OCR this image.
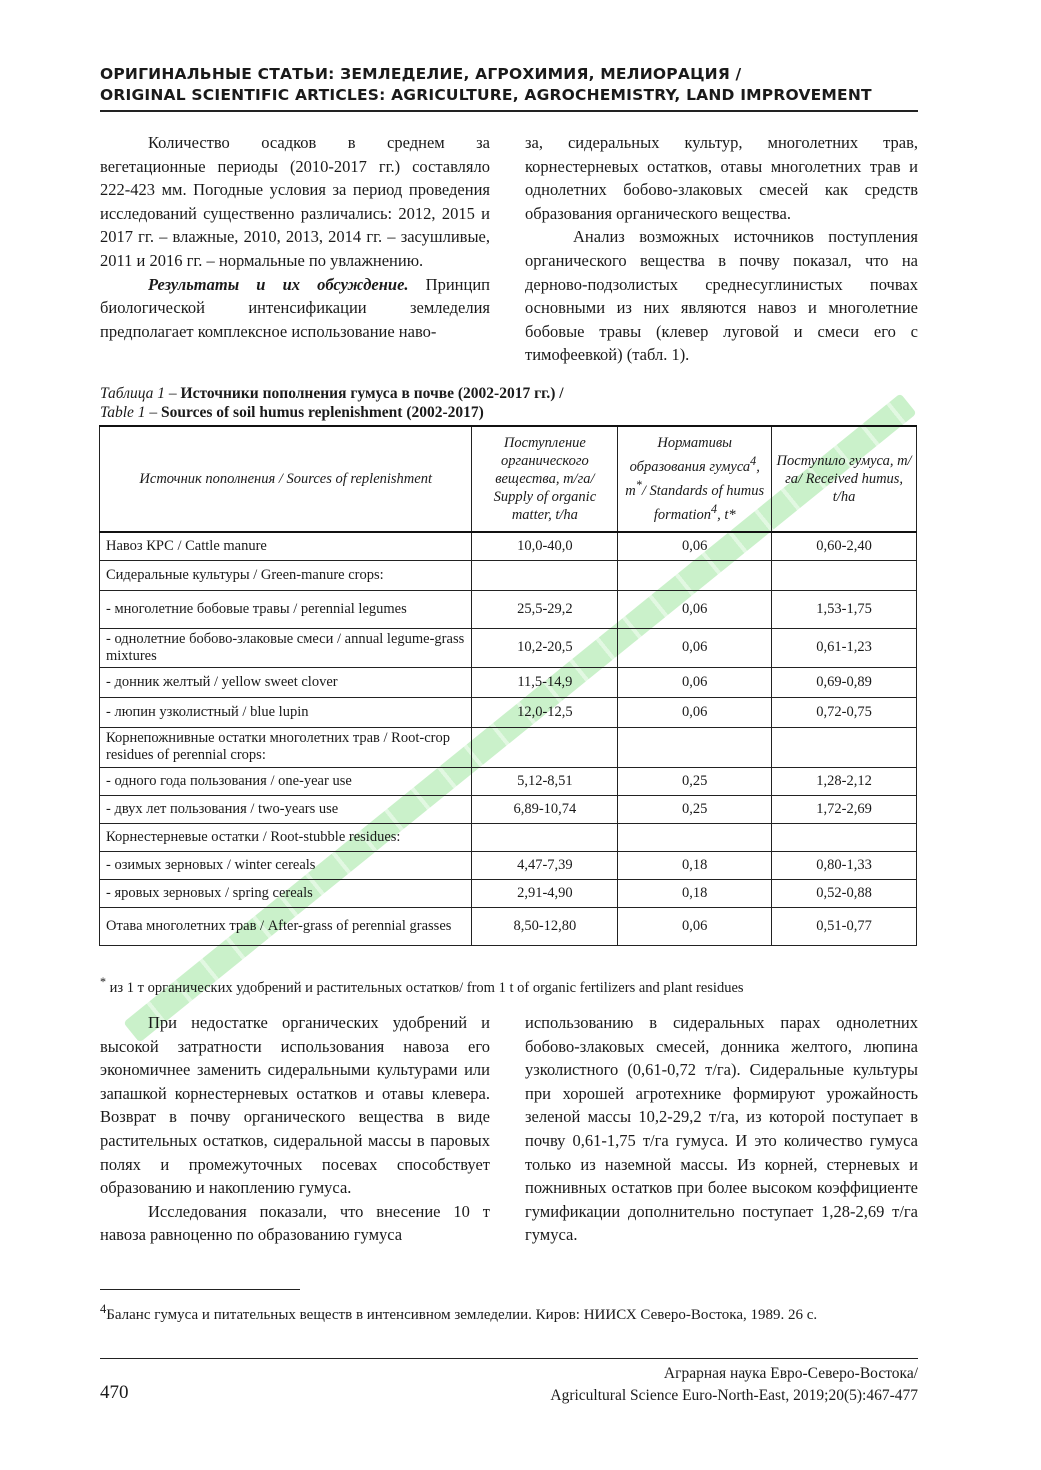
ОРИГИНАЛЬНЫЕ СТАТЬИ: ЗЕМЛЕДЕЛИЕ, АГРОХИМИЯ, МЕЛИОРАЦИЯ /
ORIGINAL SCIENTIFIC ARTICLES: AGRICULTURE, AGROCHEMISTRY, LAND IMPROVEMENT

Количество осадков в среднем за вегетационные периоды (2010-2017 гг.) составляло 222-423 мм. Погодные условия за период проведения исследований существенно различались: 2012, 2015 и 2017 гг. – влажные, 2010, 2013, 2014 гг. – засушливые, 2011 и 2016 гг. – нормальные по увлажнению.

Результаты и их обсуждение. Принцип биологической интенсификации земледелия предполагает комплексное использование наво-

за, сидеральных культур, многолетних трав, корнестерневых остатков, отавы многолетних трав и однолетних бобово-злаковых смесей как средств образования органического вещества.

Анализ возможных источников поступления органического вещества в почву показал, что на дерново-подзолистых среднесуглинистых почвах основными из них являются навоз и многолетние бобовые травы (клевер луговой и смеси его с тимофеевкой) (табл. 1).

Таблица 1 – Источники пополнения гумуса в почве (2002-2017 гг.) /
Table 1 – Sources of soil humus replenishment (2002-2017)
Источник пополнения / Sources of replenishment	Поступление органического вещества, т/га/ Supply of organic matter, t/ha	Нормативы образования гумуса$^4$, т*/ Standards of humus formation$^4$, t*	Поступило гумуса, т/га/ Received humus, t/ha
Навоз КРС / Cattle manure	10,0-40,0	0,06	0,60-2,40
Сидеральные культуры / Green-manure crops:			
- многолетние бобовые травы / perennial legumes	25,5-29,2	0,06	1,53-1,75
- однолетние бобово-злаковые смеси / annual legume-grass mixtures	10,2-20,5	0,06	0,61-1,23
- донник желтый / yellow sweet clover	11,5-14,9	0,06	0,69-0,89
- люпин узколистный / blue lupin	12,0-12,5	0,06	0,72-0,75
Корнепожнивные остатки многолетних трав / Root-crop residues of perennial crops:			
- одного года пользования / one-year use	5,12-8,51	0,25	1,28-2,12
- двух лет пользования / two-years use	6,89-10,74	0,25	1,72-2,69
Корнестерневые остатки / Root-stubble residues:			
- озимых зерновых / winter cereals	4,47-7,39	0,18	0,80-1,33
- яровых зерновых / spring cereals	2,91-4,90	0,18	0,52-0,88
Отава многолетних трав / After-grass of perennial grasses	8,50-12,80	0,06	0,51-0,77
* из 1 т органических удобрений и растительных остатков/ from 1 t of organic fertilizers and plant residues

При недостатке органических удобрений и высокой затратности использования навоза его экономичнее заменить сидеральными культурами или запашкой корнестерневых остатков и отавы клевера. Возврат в почву органического вещества в виде растительных остатков, сидеральной массы в паровых полях и промежуточных посевах способствует образованию и накоплению гумуса.

Исследования показали, что внесение 10 т навоза равноценно по образованию гумуса

использованию в сидеральных парах однолетних бобово-злаковых смесей, донника желтого, люпина узколистного (0,61-0,72 т/га). Сидеральные культуры при хорошей агротехнике формируют урожайность зеленой массы 10,2-29,2 т/га, из которой поступает в почву 0,61-1,75 т/га гумуса. И это количество гумуса только из наземной массы. Из корней, стерневых и пожнивных остатков при более высоком коэффициенте гумификации дополнительно поступает 1,28-2,69 т/га гумуса.

$^4$Баланс гумуса и питательных веществ в интенсивном земледелии. Киров: НИИСХ Северо-Востока, 1989. 26 с.
470
Аграрная наука Евро-Северо-Востока/
Agricultural Science Euro-North-East, 2019;20(5):467-477
